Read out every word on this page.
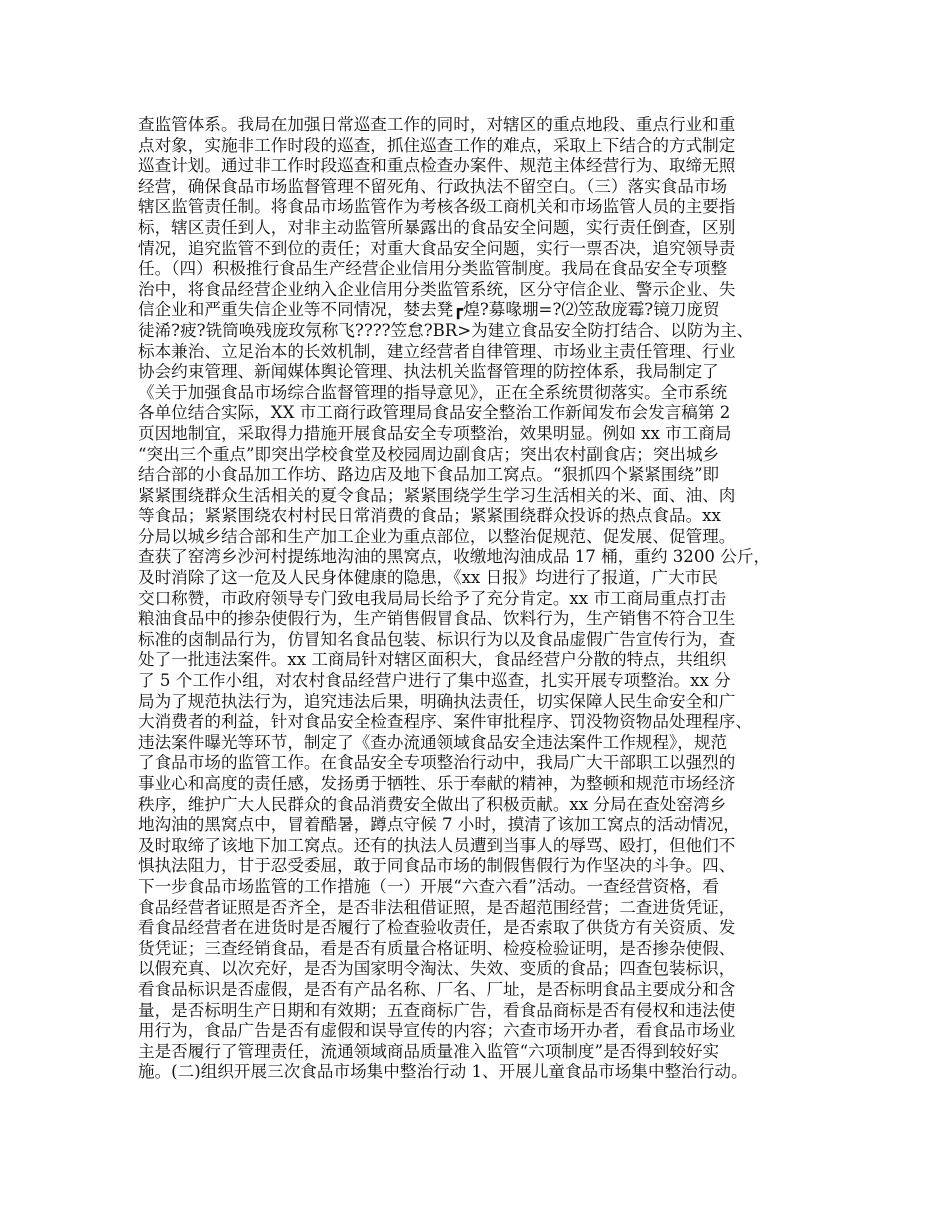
查监管体系。我局在加强日常巡查工作的同时，对辖区的重点地段、重点行业和重
点对象，实施非工作时段的巡查，抓住巡查工作的难点，采取上下结合的方式制定
巡查计划。通过非工作时段巡查和重点检查办案件、规范主体经营行为、取缔无照
经营，确保食品市场监督管理不留死角、行政执法不留空白。（三）落实食品市场
辖区监管责任制。将食品市场监管作为考核各级工商机关和市场监管人员的主要指
标，辖区责任到人，对非主动监管所暴露出的食品安全问题，实行责任倒查，区别
情况，追究监管不到位的责任；对重大食品安全问题，实行一票否决，追究领导责
任。（四）积极推行食品生产经营企业信用分类监管制度。我局在食品安全专项整
治中，将食品经营企业纳入企业信用分类监管系统，区分守信企业、警示企业、失
信企业和严重失信企业等不同情况，婪去凳┏煌?募喙堋=?⑵笠敌庞霉?镜刀庞贸
徒浠?疲?铣筒唤残庞玫氖称飞????笠怠?BR>为建立食品安全防打结合、以防为主、
标本兼治、立足治本的长效机制，建立经营者自律管理、市场业主责任管理、行业
协会约束管理、新闻媒体舆论管理、执法机关监督管理的防控体系，我局制定了
《关于加强食品市场综合监督管理的指导意见》，正在全系统贯彻落实。全市系统
各单位结合实际，XX 市工商行政管理局食品安全整治工作新闻发布会发言稿第 2
页因地制宜，采取得力措施开展食品安全专项整治，效果明显。例如 xx 市工商局
“突出三个重点”即突出学校食堂及校园周边副食店；突出农村副食店；突出城乡
结合部的小食品加工作坊、路边店及地下食品加工窝点。“狠抓四个紧紧围绕”即
紧紧围绕群众生活相关的夏令食品；紧紧围绕学生学习生活相关的米、面、油、肉
等食品；紧紧围绕农村村民日常消费的食品；紧紧围绕群众投诉的热点食品。xx
分局以城乡结合部和生产加工企业为重点部位，以整治促规范、促发展、促管理。
查获了窑湾乡沙河村提练地沟油的黑窝点，收缴地沟油成品 17 桶，重约 3200 公斤，
及时消除了这一危及人民身体健康的隐患，《xx 日报》均进行了报道，广大市民
交口称赞，市政府领导专门致电我局局长给予了充分肯定。xx 市工商局重点打击
粮油食品中的掺杂使假行为，生产销售假冒食品、饮料行为，生产销售不符合卫生
标准的卤制品行为，仿冒知名食品包装、标识行为以及食品虚假广告宣传行为，查
处了一批违法案件。xx 工商局针对辖区面积大，食品经营户分散的特点，共组织
了 5 个工作小组，对农村食品经营户进行了集中巡查，扎实开展专项整治。xx 分
局为了规范执法行为，追究违法后果，明确执法责任，切实保障人民生命安全和广
大消费者的利益，针对食品安全检查程序、案件审批程序、罚没物资物品处理程序、
违法案件曝光等环节，制定了《查办流通领域食品安全违法案件工作规程》，规范
了食品市场的监管工作。在食品安全专项整治行动中，我局广大干部职工以强烈的
事业心和高度的责任感，发扬勇于牺牲、乐于奉献的精神，为整顿和规范市场经济
秩序，维护广大人民群众的食品消费安全做出了积极贡献。xx 分局在查处窑湾乡
地沟油的黑窝点中，冒着酷暑，蹲点守候 7 小时，摸清了该加工窝点的活动情况，
及时取缔了该地下加工窝点。还有的执法人员遭到当事人的辱骂、殴打，但他们不
惧执法阻力，甘于忍受委屈，敢于同食品市场的制假售假行为作坚决的斗争。四、
下一步食品市场监管的工作措施（一）开展“六查六看”活动。一查经营资格，看
食品经营者证照是否齐全，是否非法租借证照，是否超范围经营；二查进货凭证，
看食品经营者在进货时是否履行了检查验收责任，是否索取了供货方有关资质、发
货凭证；三查经销食品，看是否有质量合格证明、检疫检验证明，是否掺杂使假、
以假充真、以次充好，是否为国家明令淘汰、失效、变质的食品；四查包装标识，
看食品标识是否虚假，是否有产品名称、厂名、厂址，是否标明食品主要成分和含
量，是否标明生产日期和有效期；五查商标广告，看食品商标是否有侵权和违法使
用行为，食品广告是否有虚假和误导宣传的内容；六查市场开办者，看食品市场业
主是否履行了管理责任，流通领域商品质量准入监管“六项制度”是否得到较好实
施。(二)组织开展三次食品市场集中整治行动 1、开展儿童食品市场集中整治行动。
